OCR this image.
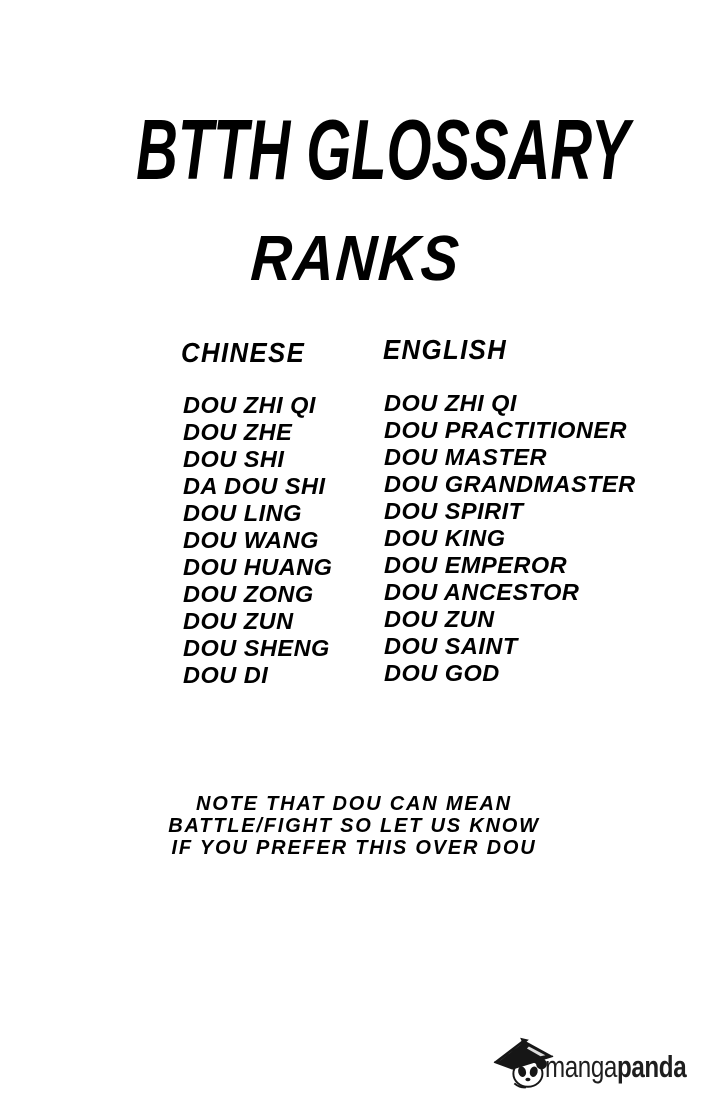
BTTH GLOSSARY
RANKS
CHINESE	ENGLISH
DOU ZHI QI
DOU ZHE
DOU SHI
DA DOU SHI
DOU LING
DOU WANG
DOU HUANG
DOU ZONG
DOU ZUN
DOU SHENG
DOU DI
DOU ZHI QI
DOU PRACTITIONER
DOU MASTER
DOU GRANDMASTER
DOU SPIRIT
DOU KING
DOU EMPEROR
DOU ANCESTOR
DOU ZUN
DOU SAINT
DOU GOD
NOTE THAT DOU CAN MEAN
BATTLE/FIGHT SO LET US KNOW
IF YOU PREFER THIS OVER DOU
mangapanda
